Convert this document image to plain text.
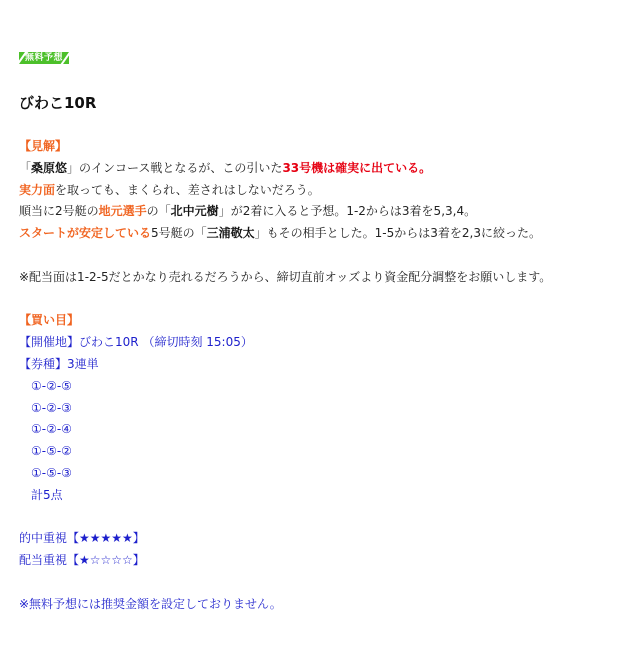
無料予想
びわこ10R
【見解】
「桑原悠」のインコース戦となるが、この引いた33号機は確実に出ている。
実力面を取っても、まくられ、差されはしないだろう。
順当に2号艇の地元選手の「北中元樹」が2着に入ると予想。1-2からは3着を5,3,4。
スタートが安定している5号艇の「三浦敬太」もその相手とした。1-5からは3着を2,3に絞った。
※配当面は1-2-5だとかなり売れるだろうから、締切直前オッズより資金配分調整をお願いします。
【買い目】
【開催地】びわこ10R （締切時刻 15:05）
【券種】3連単
①-②-⑤
①-②-③
①-②-④
①-⑤-②
①-⑤-③
計5点
的中重視【★★★★★】
配当重視【★☆☆☆☆】
※無料予想には推奨金額を設定しておりません。
